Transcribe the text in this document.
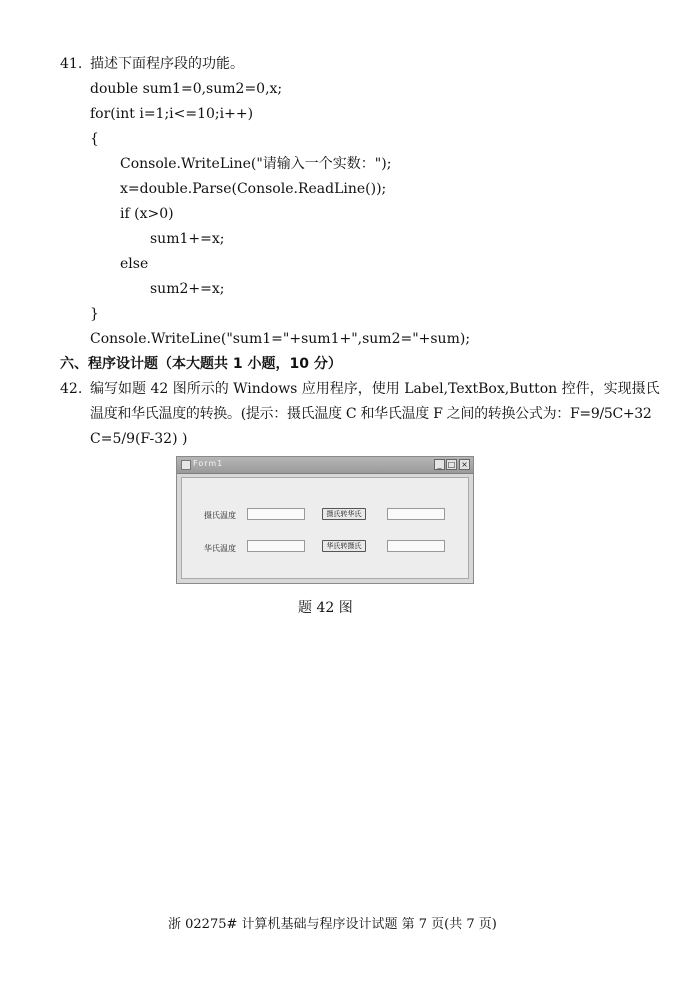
41. 描述下面程序段的功能。
double sum1=0,sum2=0,x;
for(int i=1;i<=10;i++)
{
Console.WriteLine("请输入一个实数：");
x=double.Parse(Console.ReadLine());
if (x>0)
sum1+=x;
else
sum2+=x;
}
Console.WriteLine("sum1="+sum1+",sum2="+sum);
六、程序设计题（本大题共 1 小题，10 分）
42. 编写如题 42 图所示的 Windows 应用程序，使用 Label,TextBox,Button 控件，实现摄氏
温度和华氏温度的转换。(提示：摄氏温度 C 和华氏温度 F 之间的转换公式为：F=9/5C+32
C=5/9(F-32) )
Form1	_ □ ×
摄氏温度	摄氏转华氏
华氏温度	华氏转摄氏
题 42 图
浙 02275# 计算机基础与程序设计试题 第 7 页(共 7 页)
